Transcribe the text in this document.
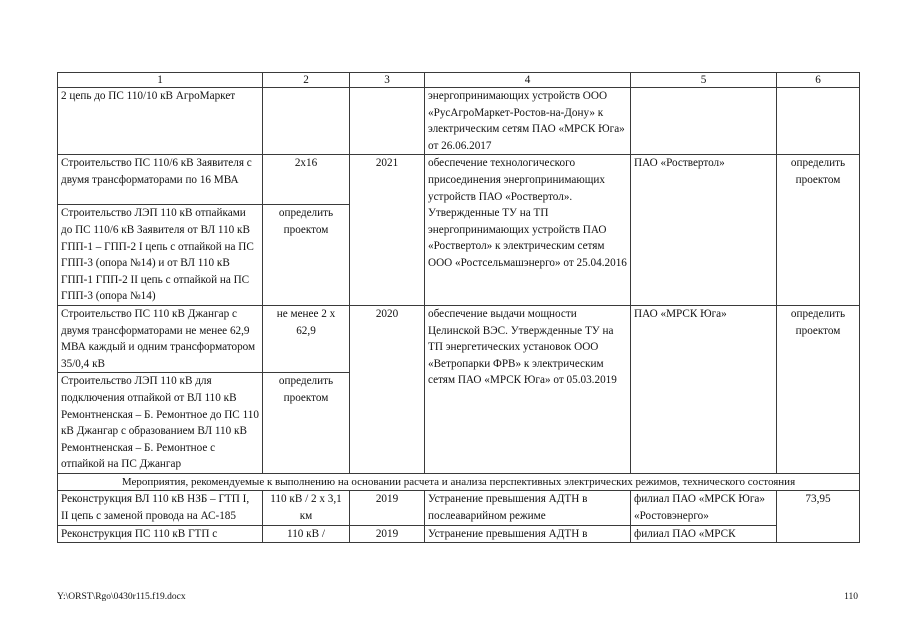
1	2	3	4	5	6
2 цепь до ПС 110/10 кВ АгроМаркет			энергопринимающих устройств ООО «РусАгроМаркет-Ростов-на-Дону» к электрическим сетям ПАО «МРСК Юга» от 26.06.2017		
Строительство ПС 110/6 кВ Заявителя с двумя трансформаторами по 16 МВА	2x16	2021	обеспечение технологического присоединения энергопринимающих устройств ПАО «Роствертол». Утвержденные ТУ на ТП энергопринимающих устройств ПАО «Роствертол» к электрическим сетям ООО «Ростсельмашэнерго» от 25.04.2016	ПАО «Роствертол»	определить проектом
Строительство ЛЭП 110 кВ отпайками до ПС 110/6 кВ Заявителя от ВЛ 110 кВ ГПП-1 – ГПП-2 I цепь с отпайкой на ПС ГПП-3 (опора №14) и от ВЛ 110 кВ ГПП-1 ГПП-2 II цепь с отпайкой на ПС ГПП-3 (опора №14)	определить проектом				
Строительство ПС 110 кВ Джангар с двумя трансформаторами не менее 62,9 МВА каждый и одним трансформатором 35/0,4 кВ	не менее 2 х 62,9	2020	обеспечение выдачи мощности Целинской ВЭС. Утвержденные ТУ на ТП энергетических установок ООО «Ветропарки ФРВ» к электрическим сетям ПАО «МРСК Юга» от 05.03.2019	ПАО «МРСК Юга»	определить проектом
Строительство ЛЭП 110 кВ для подключения отпайкой от ВЛ 110 кВ Ремонтненская – Б. Ремонтное до ПС 110 кВ Джангар с образованием ВЛ 110 кВ Ремонтненская – Б. Ремонтное с отпайкой на ПС Джангар	определить проектом				
Мероприятия, рекомендуемые к выполнению на основании расчета и анализа перспективных электрических режимов, технического состояния					
Реконструкция ВЛ 110 кВ НЗБ – ГТП I, II цепь с заменой провода на АС-185	110 кВ / 2 х 3,1 км	2019	Устранение превышения АДТН в послеаварийном режиме	филиал ПАО «МРСК Юга» «Ростовэнерго»	73,95
Реконструкция ПС 110 кВ ГТП с	110 кВ /	2019	Устранение превышения АДТН в	филиал ПАО «МРСК	
Y:\ORST\Rgo\0430r115.f19.docx	110
